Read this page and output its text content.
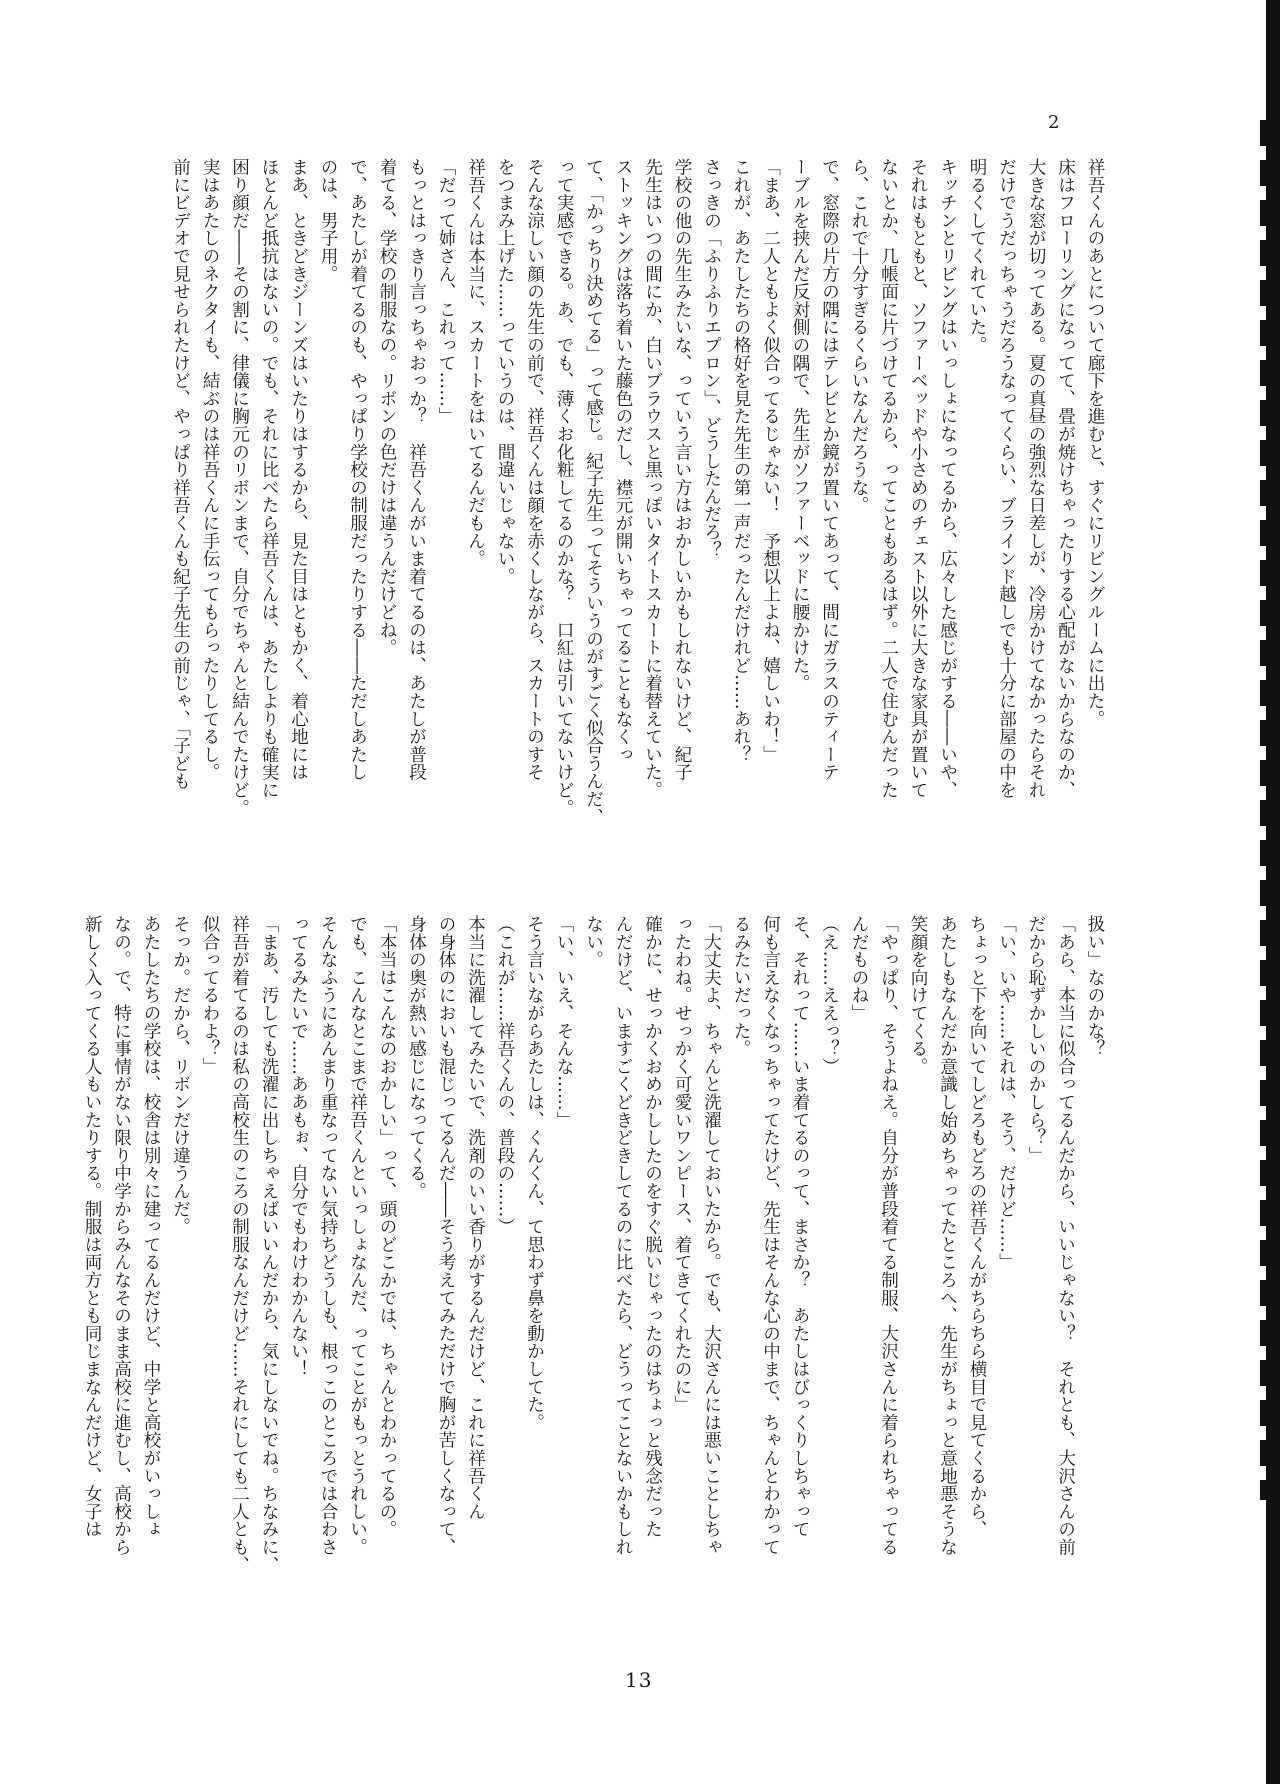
2

祥吾くんのあとについて廊下を進むと、すぐにリビングルームに出た。

床はフローリングになってて、畳が焼けちゃったりする心配がないからなのか、

大きな窓が切ってある。夏の真昼の強烈な日差しが、冷房かけてなかったらそれ

だけでうだっちゃうだろうなってくらい、ブラインド越しでも十分に部屋の中を

明るくしてくれていた。

キッチンとリビングはいっしょになってるから、広々した感じがする――いや、

それはもともと、ソファーベッドや小さめのチェスト以外に大きな家具が置いて

ないとか、几帳面に片づけてるから、ってこともあるはず。二人で住むんだった

ら、これで十分すぎるくらいなんだろうな。

で、窓際の片方の隅にはテレビとか鏡が置いてあって、間にガラスのティーテ

ーブルを挟んだ反対側の隅で、先生がソファーベッドに腰かけた。

「まあ、二人ともよく似合ってるじゃない！　予想以上よね、嬉しいわ！」

これが、あたしたちの格好を見た先生の第一声だったんだけれど……あれ？

さっきの「ふりふりエプロン」、どうしたんだろ？

学校の他の先生みたいな、っていう言い方はおかしいかもしれないけど、紀子

先生はいつの間にか、白いブラウスと黒っぽいタイトスカートに着替えていた。

ストッキングは落ち着いた藤色のだし、襟元が開いちゃってることもなくっ

て、「かっちり決めてる」って感じ。紀子先生ってそういうのがすごく似合うんだ、

って実感できる。あ、でも、薄くお化粧してるのかな？　口紅は引いてないけど。

そんな涼しい顔の先生の前で、祥吾くんは顔を赤くしながら、スカートのすそ

をつまみ上げた……っていうのは、間違いじゃない。

祥吾くんは本当に、スカートをはいてるんだもん。

「だって姉さん、これって……」

もっとはっきり言っちゃおっか？　祥吾くんがいま着てるのは、あたしが普段

着てる、学校の制服なの。リボンの色だけは違うんだけどね。

で、あたしが着てるのも、やっぱり学校の制服だったりする――ただしあたし

のは、男子用。

まあ、ときどきジーンズはいたりはするから、見た目はともかく、着心地には

ほとんど抵抗はないの。でも、それに比べたら祥吾くんは、あたしよりも確実に

困り顔だ――その割に、律儀に胸元のリボンまで、自分でちゃんと結んでたけど。

実はあたしのネクタイも、結ぶのは祥吾くんに手伝ってもらったりしてるし。

前にビデオで見せられたけど、やっぱり祥吾くんも紀子先生の前じゃ、「子ども

扱い」なのかな？

「あら、本当に似合ってるんだから、いいじゃない？　それとも、大沢さんの前

だから恥ずかしいのかしら？」

「い、いや……それは、そう、だけど……」

ちょっと下を向いてしどろもどろの祥吾くんがちらちら横目で見てくるから、

あたしもなんだか意識し始めちゃってたところへ、先生がちょっと意地悪そうな

笑顔を向けてくる。

「やっぱり、そうよねえ。自分が普段着てる制服、大沢さんに着られちゃってる

んだものね」

（え……ええっ？）

そ、それって……いま着てるのって、まさか？　あたしはびっくりしちゃって

何も言えなくなっちゃってたけど、先生はそんな心の中まで、ちゃんとわかって

るみたいだった。

「大丈夫よ、ちゃんと洗濯しておいたから。でも、大沢さんには悪いことしちゃ

ったわね。せっかく可愛いワンピース、着てきてくれたのに」

確かに、せっかくおめかししたのをすぐ脱いじゃったのはちょっと残念だった

んだけど、いますごくどきどきしてるのに比べたら、どうってことないかもしれ

ない。

「い、いえ、そんな……」

そう言いながらあたしは、くんくん、て思わず鼻を動かしてた。

（これが……祥吾くんの、普段の……）

本当に洗濯してみたいで、洗剤のいい香りがするんだけど、これに祥吾くん

の身体のにおいも混じってるんだ――そう考えてみただけで胸が苦しくなって、

身体の奥が熱い感じになってくる。

「本当はこんなのおかしい」って、頭のどこかでは、ちゃんとわかってるの。

でも、こんなとこまで祥吾くんといっしょなんだ、ってことがもっとうれしい。

そんなふうにあんまり重なってない気持ちどうしも、根っこのところでは合わさ

ってるみたいで……ああもぉ、自分でもわけわかんない！

「まあ、汚しても洗濯に出しちゃえばいいんだから、気にしないでね。ちなみに、

祥吾が着てるのは私の高校生のころの制服なんだけど……それにしても二人とも、

似合ってるわよ？」

そっか。だから、リボンだけ違うんだ。

あたしたちの学校は、校舎は別々に建ってるんだけど、中学と高校がいっしょ

なの。で、特に事情がない限り中学からみんなそのまま高校に進むし、高校から

新しく入ってくる人もいたりする。制服は両方とも同じまなんだけど、女子は

13
